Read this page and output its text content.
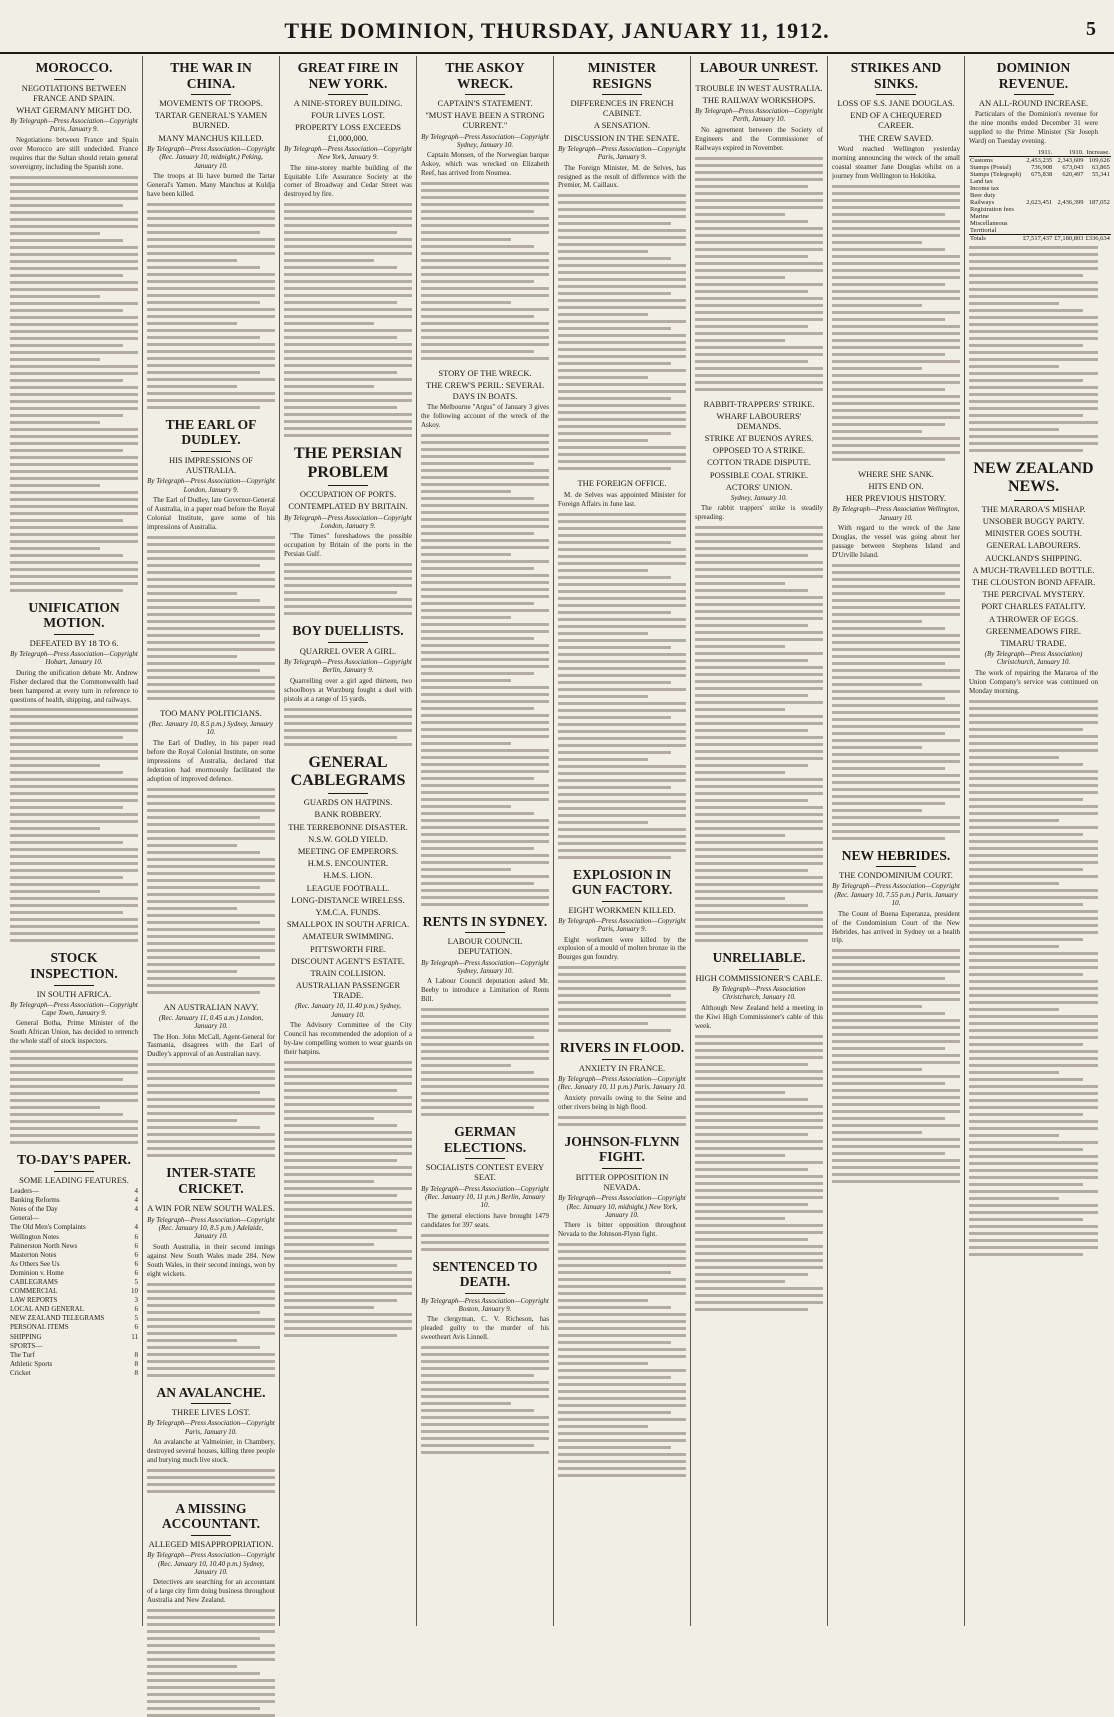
THE DOMINION, THURSDAY, JANUARY 11, 1912.	5
MOROCCO.
NEGOTIATIONS BETWEEN FRANCE AND SPAIN.
WHAT GERMANY MIGHT DO.
By Telegraph—Press Association—Copyright Paris, January 9.
Negotiations between France and Spain over Morocco are still undecided. France requires that the Sultan should retain general sovereignty, including the Spanish zone.
UNIFICATION MOTION.
DEFEATED BY 18 TO 6.
By Telegraph—Press Association—Copyright Hobart, January 10.
During the unification debate Mr. Andrew Fisher declared that the Commonwealth had been hampered at every turn in reference to questions of health, shipping, and railways.
STOCK INSPECTION.
IN SOUTH AFRICA.
By Telegraph—Press Association—Copyright Cape Town, January 9.
General Botha, Prime Minister of the South African Union, has decided to retrench the whole staff of stock inspectors.
TO-DAY'S PAPER.
SOME LEADING FEATURES.
Leaders—	4
Banking Reforms	4
Notes of the Day	4
General—
The Old Men's Complaints	4
Wellington Notes	6
Palmerston North News	6
Masterton Notes	6
As Others See Us	6
Dominion v. Home	6
CABLEGRAMS	5
COMMERCIAL	10
LAW REPORTS	3
LOCAL AND GENERAL	6
NEW ZEALAND TELEGRAMS	5
PERSONAL ITEMS	6
SHIPPING	11
SPORTS—
The Turf	8
Athletic Sports	8
Cricket	8
THE WAR IN CHINA.
MOVEMENTS OF TROOPS.
TARTAR GENERAL'S YAMEN BURNED.
MANY MANCHUS KILLED.
By Telegraph—Press Association—Copyright (Rec. January 10, midnight.) Peking, January 10.
The troops at Ili have burned the Tartar General's Yamen. Many Manchus at Kuldja have been killed.
THE EARL OF DUDLEY.
HIS IMPRESSIONS OF AUSTRALIA.
By Telegraph—Press Association—Copyright London, January 9.
The Earl of Dudley, late Governor-General of Australia, in a paper read before the Royal Colonial Institute, gave some of his impressions of Australia.
TOO MANY POLITICIANS.
(Rec. January 10, 8.5 p.m.) Sydney, January 10.
The Earl of Dudley, in his paper read before the Royal Colonial Institute, on some impressions of Australia, declared that federation had enormously facilitated the adoption of improved defence.
AN AUSTRALIAN NAVY.
(Rec. January 11, 0.45 a.m.) London, January 10.
The Hon. John McCall, Agent-General for Tasmania, disagrees with the Earl of Dudley's approval of an Australian navy.
INTER-STATE CRICKET.
A WIN FOR NEW SOUTH WALES.
By Telegraph—Press Association—Copyright (Rec. January 10, 8.5 p.m.) Adelaide, January 10.
South Australia, in their second innings against New South Wales made 284. New South Wales, in their second innings, won by eight wickets.
AN AVALANCHE.
THREE LIVES LOST.
By Telegraph—Press Association—Copyright Paris, January 10.
An avalanche at Valmeinier, in Chambery, destroyed several houses, killing three people and burying much live stock.
A MISSING ACCOUNTANT.
ALLEGED MISAPPROPRIATION.
By Telegraph—Press Association—Copyright (Rec. January 10, 10.40 p.m.) Sydney, January 10.
Detectives are searching for an accountant of a large city firm doing business throughout Australia and New Zealand.
GREAT FIRE IN NEW YORK.
A NINE-STOREY BUILDING.
FOUR LIVES LOST.
PROPERTY LOSS EXCEEDS £1,000,000.
By Telegraph—Press Association—Copyright New York, January 9.
The nine-storey marble building of the Equitable Life Assurance Society at the corner of Broadway and Cedar Street was destroyed by fire.
THE PERSIAN PROBLEM
OCCUPATION OF PORTS.
CONTEMPLATED BY BRITAIN.
By Telegraph—Press Association—Copyright London, January 9.
"The Times" foreshadows the possible occupation by Britain of the ports in the Persian Gulf.
BOY DUELLISTS.
QUARREL OVER A GIRL.
By Telegraph—Press Association—Copyright Berlin, January 9.
Quarrelling over a girl aged thirteen, two schoolboys at Wurzburg fought a duel with pistols at a range of 15 yards.
GENERAL CABLEGRAMS
GUARDS ON HATPINS.
BANK ROBBERY.
THE TERREBONNE DISASTER.
N.S.W. GOLD YIELD.
MEETING OF EMPERORS.
H.M.S. ENCOUNTER.
H.M.S. LION.
LEAGUE FOOTBALL.
LONG-DISTANCE WIRELESS.
Y.M.C.A. FUNDS.
SMALLPOX IN SOUTH AFRICA.
AMATEUR SWIMMING.
PITTSWORTH FIRE.
DISCOUNT AGENT'S ESTATE.
TRAIN COLLISION.
AUSTRALIAN PASSENGER TRADE.
(Rec. January 10, 11.40 p.m.) Sydney, January 10.
The Advisory Committee of the City Council has recommended the adoption of a by-law compelling women to wear guards on their hatpins.
THE ASKOY WRECK.
CAPTAIN'S STATEMENT.
"MUST HAVE BEEN A STRONG CURRENT."
By Telegraph—Press Association—Copyright Sydney, January 10.
Captain Monsen, of the Norwegian barque Askoy, which was wrecked on Elizabeth Reef, has arrived from Noumea.
STORY OF THE WRECK.
THE CREW'S PERIL: SEVERAL DAYS IN BOATS.
The Melbourne "Argus" of January 3 gives the following account of the wreck of the Askoy.
RENTS IN SYDNEY.
LABOUR COUNCIL DEPUTATION.
By Telegraph—Press Association—Copyright Sydney, January 10.
A Labour Council deputation asked Mr. Beeby to introduce a Limitation of Rents Bill.
GERMAN ELECTIONS.
SOCIALISTS CONTEST EVERY SEAT.
By Telegraph—Press Association—Copyright (Rec. January 10, 11 p.m.) Berlin, January 10.
The general elections have brought 1479 candidates for 397 seats.
SENTENCED TO DEATH.
By Telegraph—Press Association—Copyright Boston, January 9.
The clergyman, C. V. Richeson, has pleaded guilty to the murder of his sweetheart Avis Linnell.
MINISTER RESIGNS
DIFFERENCES IN FRENCH CABINET.
A SENSATION.
DISCUSSION IN THE SENATE.
By Telegraph—Press Association—Copyright Paris, January 9.
The Foreign Minister, M. de Selves, has resigned as the result of difference with the Premier, M. Caillaux.
THE FOREIGN OFFICE.
M. de Selves was appointed Minister for Foreign Affairs in June last.
EXPLOSION IN GUN FACTORY.
EIGHT WORKMEN KILLED.
By Telegraph—Press Association—Copyright Paris, January 9.
Eight workmen were killed by the explosion of a mould of molten bronze in the Bourges gun foundry.
RIVERS IN FLOOD.
ANXIETY IN FRANCE.
By Telegraph—Press Association—Copyright (Rec. January 10, 11 p.m.) Paris, January 10.
Anxiety prevails owing to the Seine and other rivers being in high flood.
JOHNSON-FLYNN FIGHT.
BITTER OPPOSITION IN NEVADA.
By Telegraph—Press Association—Copyright (Rec. January 10, midnight.) New York, January 10.
There is bitter opposition throughout Nevada to the Johnson-Flynn fight.
LABOUR UNREST.
TROUBLE IN WEST AUSTRALIA.
THE RAILWAY WORKSHOPS.
By Telegraph—Press Association—Copyright Perth, January 10.
No agreement between the Society of Engineers and the Commissioner of Railways expired in November.
RABBIT-TRAPPERS' STRIKE.
WHARF LABOURERS' DEMANDS.
STRIKE AT BUENOS AYRES.
OPPOSED TO A STRIKE.
COTTON TRADE DISPUTE.
POSSIBLE COAL STRIKE.
ACTORS' UNION.
Sydney, January 10.
The rabbit trappers' strike is steadily spreading.
UNRELIABLE.
HIGH COMMISSIONER'S CABLE.
By Telegraph—Press Association Christchurch, January 10.
Although New Zealand held a meeting in the Kiwi High Commissioner's cable of this week.
STRIKES AND SINKS.
LOSS OF S.S. JANE DOUGLAS.
END OF A CHEQUERED CAREER.
THE CREW SAVED.
Word reached Wellington yesterday morning announcing the wreck of the small coastal steamer Jane Douglas whilst on a journey from Wellington to Hokitika.
WHERE SHE SANK.
HITS END ON.
HER PREVIOUS HISTORY.
By Telegraph—Press Association Wellington, January 10.
With regard to the wreck of the Jane Douglas, the vessel was going about her passage between Stephens Island and D'Urville Island.
NEW HEBRIDES.
THE CONDOMINIUM COURT.
By Telegraph—Press Association—Copyright (Rec. January 10, 7.55 p.m.) Paris, January 10.
The Count of Buena Esperanza, president of the Condominium Court of the New Hebrides, has arrived in Sydney on a health trip.
DOMINION REVENUE.
AN ALL-ROUND INCREASE.
Particulars of the Dominion's revenue for the nine months ended December 31 were supplied to the Prime Minister (Sir Joseph Ward) on Tuesday evening.
	1911.	1910.	Increase.
Customs	2,453,235	2,343,609	109,626
Stamps (Postal)	736,908	673,043	63,865
Stamps (Telegraph)	675,838	620,497	55,341
Land tax			
Income tax			
Beer duty			
Railways	2,623,451	2,436,399	187,052
Registration fees			
Marine			
Miscellaneous			
Territorial			
Totals	£7,517,437	£7,180,803	£336,634
NEW ZEALAND NEWS.
THE MARAROA'S MISHAP.
UNSOBER BUGGY PARTY.
MINISTER GOES SOUTH.
GENERAL LABOURERS.
AUCKLAND'S SHIPPING.
A MUCH-TRAVELLED BOTTLE.
THE CLOUSTON BOND AFFAIR.
THE PERCIVAL MYSTERY.
PORT CHARLES FATALITY.
A THROWER OF EGGS.
GREENMEADOWS FIRE.
TIMARU TRADE.
(By Telegraph—Press Association) Christchurch, January 10.
The work of repairing the Mararoa of the Union Company's service was continued on Monday morning.
